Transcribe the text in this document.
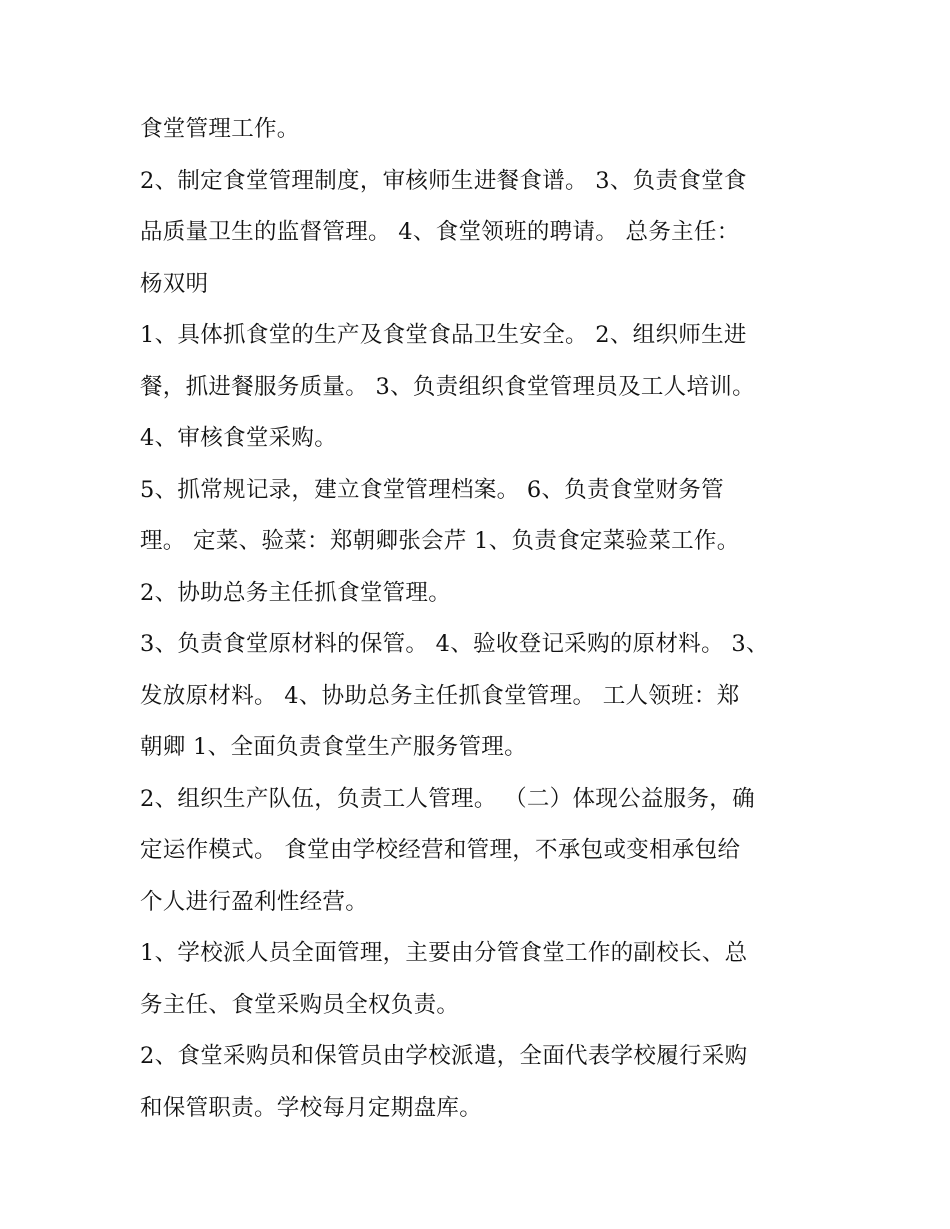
食堂管理工作。
2、制定食堂管理制度，审核师生进餐食谱。 3、负责食堂食
品质量卫生的监督管理。 4、食堂领班的聘请。 总务主任：
杨双明
1、具体抓食堂的生产及食堂食品卫生安全。 2、组织师生进
餐，抓进餐服务质量。 3、负责组织食堂管理员及工人培训。
4、审核食堂采购。
5、抓常规记录，建立食堂管理档案。 6、负责食堂财务管
理。 定菜、验菜：郑朝卿张会芹 1、负责食定菜验菜工作。
2、协助总务主任抓食堂管理。
3、负责食堂原材料的保管。 4、验收登记采购的原材料。 3、
发放原材料。 4、协助总务主任抓食堂管理。 工人领班：郑
朝卿 1、全面负责食堂生产服务管理。
2、组织生产队伍，负责工人管理。 （二）体现公益服务，确
定运作模式。 食堂由学校经营和管理，不承包或变相承包给
个人进行盈利性经营。
1、学校派人员全面管理，主要由分管食堂工作的副校长、总
务主任、食堂采购员全权负责。
2、食堂采购员和保管员由学校派遣，全面代表学校履行采购
和保管职责。学校每月定期盘库。
